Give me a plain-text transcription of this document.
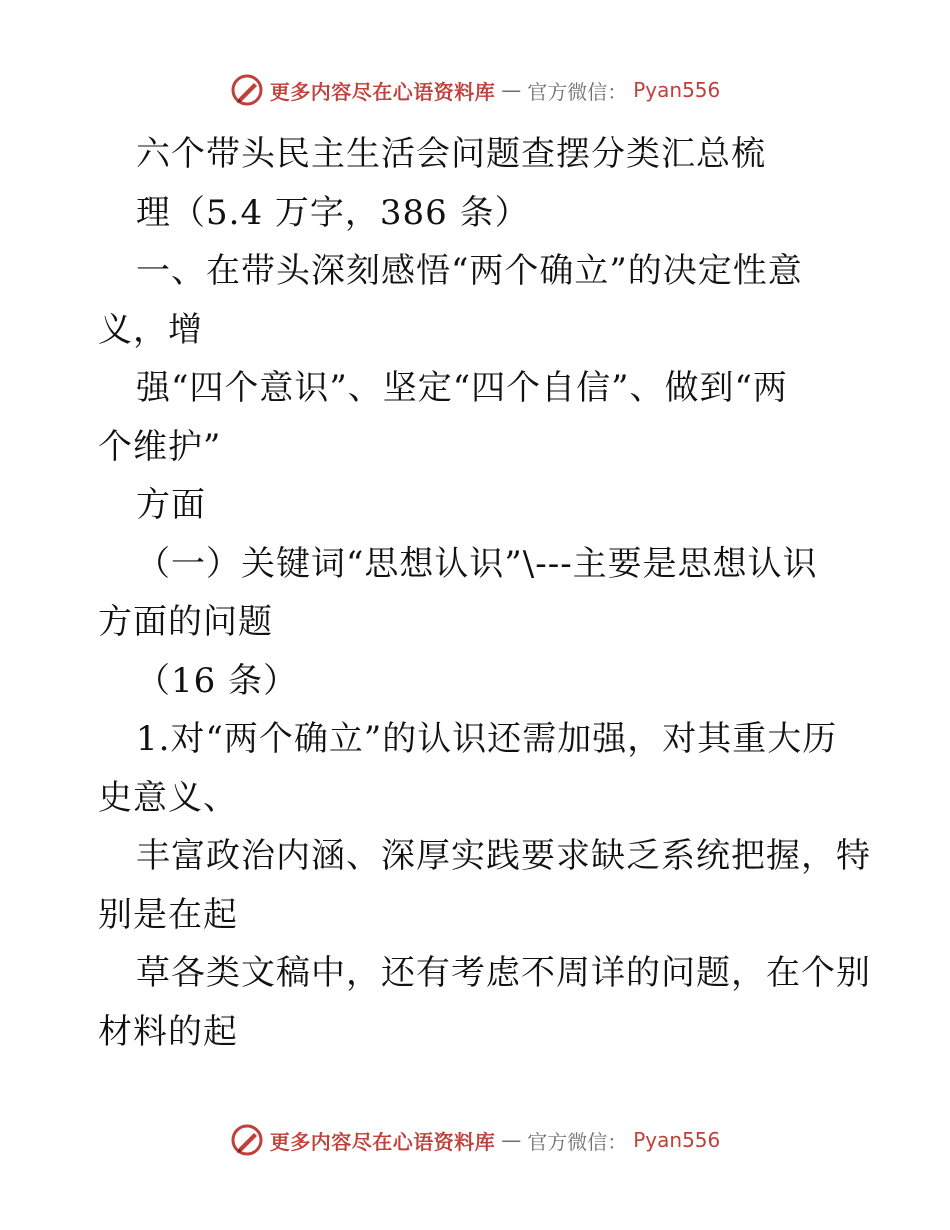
更多内容尽在心语资料库 — 官方微信： Pyan556
六个带头民主生活会问题查摆分类汇总梳
理（5.4 万字，386 条）
一、在带头深刻感悟“两个确立”的决定性意
义，增
强“四个意识”、坚定“四个自信”、做到“两
个维护”
方面
（一）关键词“思想认识”\---主要是思想认识
方面的问题
（16 条）
1.对“两个确立”的认识还需加强，对其重大历
史意义、
丰富政治内涵、深厚实践要求缺乏系统把握，特
别是在起
草各类文稿中，还有考虑不周详的问题，在个别
材料的起
更多内容尽在心语资料库 — 官方微信： Pyan556
